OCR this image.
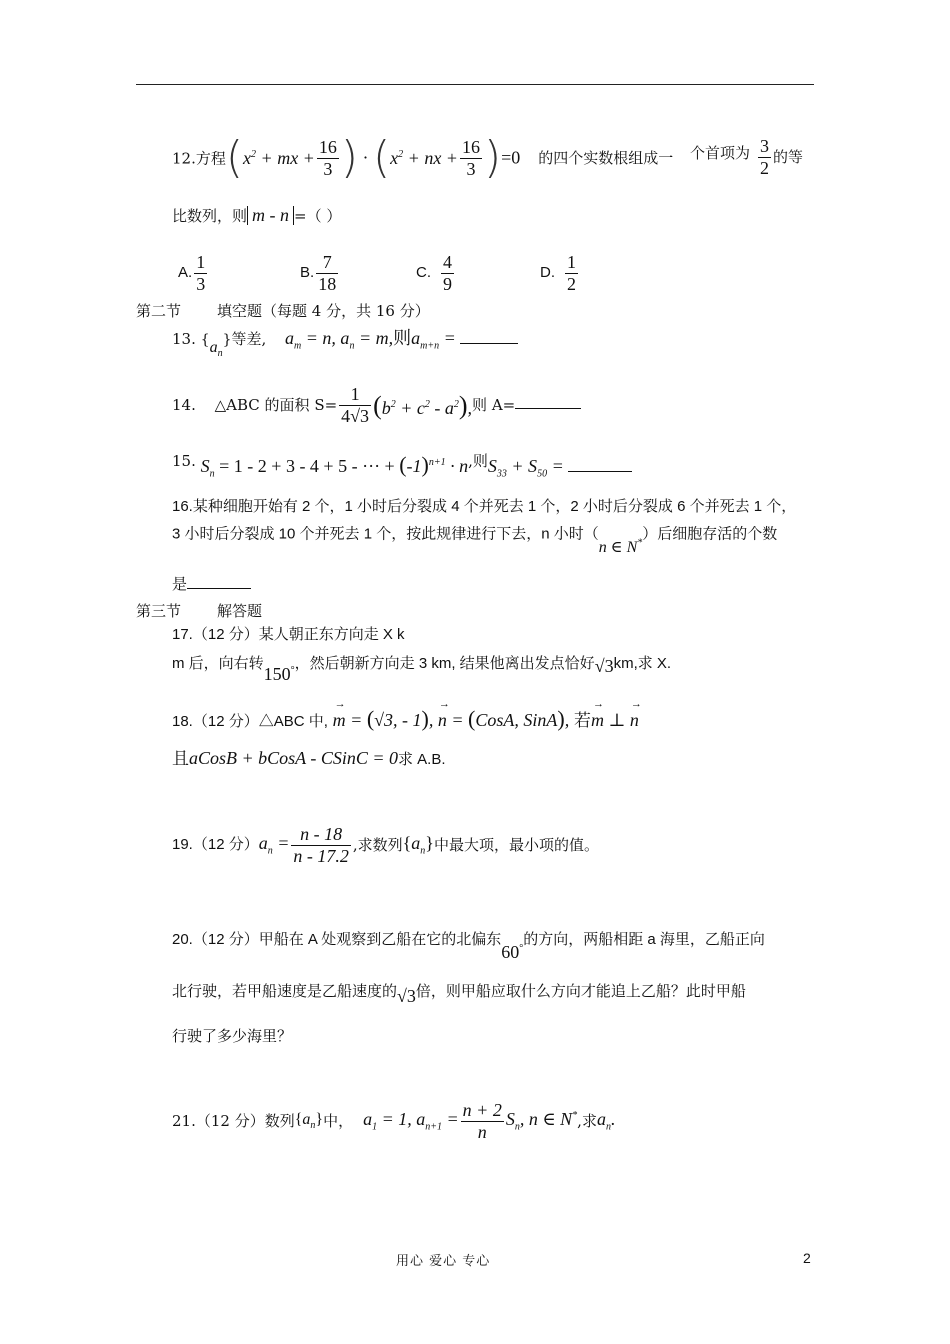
12.方程($x^2$ + mx + $\frac{16}{3}$ ) · ($x^2$ + nx + $\frac{16}{3} )=0$ 的四个实数根组成一 个首项为 $\frac{3}{2}$ 的等
比数列，则 m - n =（ ）
A. $\frac{1}{3}$	B. $\frac{7}{18}$	C. $\frac{4}{9}$	D. $\frac{1}{2}$
第二节 填空题（每题 4 分，共 16 分）
13. $\{a_n\}$等差, $a_m = n$, $a_n = m$,则$a_{m+n}$ =
14. △ABC 的面积 $S= \frac{1}{4√3} (b^2 + c^2 - a^2)$,则 A=
15. $S_n = 1 - 2 + 3 - 4 + 5$ - ··· + $(-1)^{n+1} \cdot n$,则$S_{33} + S_{50}$ =
16.某种细胞开始有 2 个，1 小时后分裂成 4 个并死去 1 个，2 小时后分裂成 6 个并死去 1 个，
3 小时后分裂成 10 个并死去 1 个，按此规律进行下去，n 小时（n ∈ N*）后细胞存活的个数
是
第三节 解答题
17.（12 分）某人朝正东方向走 X k
m 后，向右转150°，然后朝新方向走 3 km, 结果他离出发点恰好√3km,求 X.
18.（12 分）△ABC 中, m
→
= (√3, - 1), n
→
= (CosA, SinA), 若m
→
⊥ n
→
且aCosB + bCosA - CSinC = 0求 A.B.
19.（12 分）$a_n = \frac{n - 18}{n - 17.2}$ ,求数列$\{a_n\}$中最大项，最小项的值。
20.（12 分）甲船在 A 处观察到乙船在它的北偏东60°的方向，两船相距 a 海里，乙船正向
北行驶，若甲船速度是乙船速度的√3倍，则甲船应取什么方向才能追上乙船？此时甲船
行驶了多少海里？
21.（12 分）数列$\{a_n\}$中， $a_1 = 1$, $a_{n+1} = \frac{n + 2}{n} S_n$, n ∈ N*,求$a_n$.
用心 爱心 专心	2
